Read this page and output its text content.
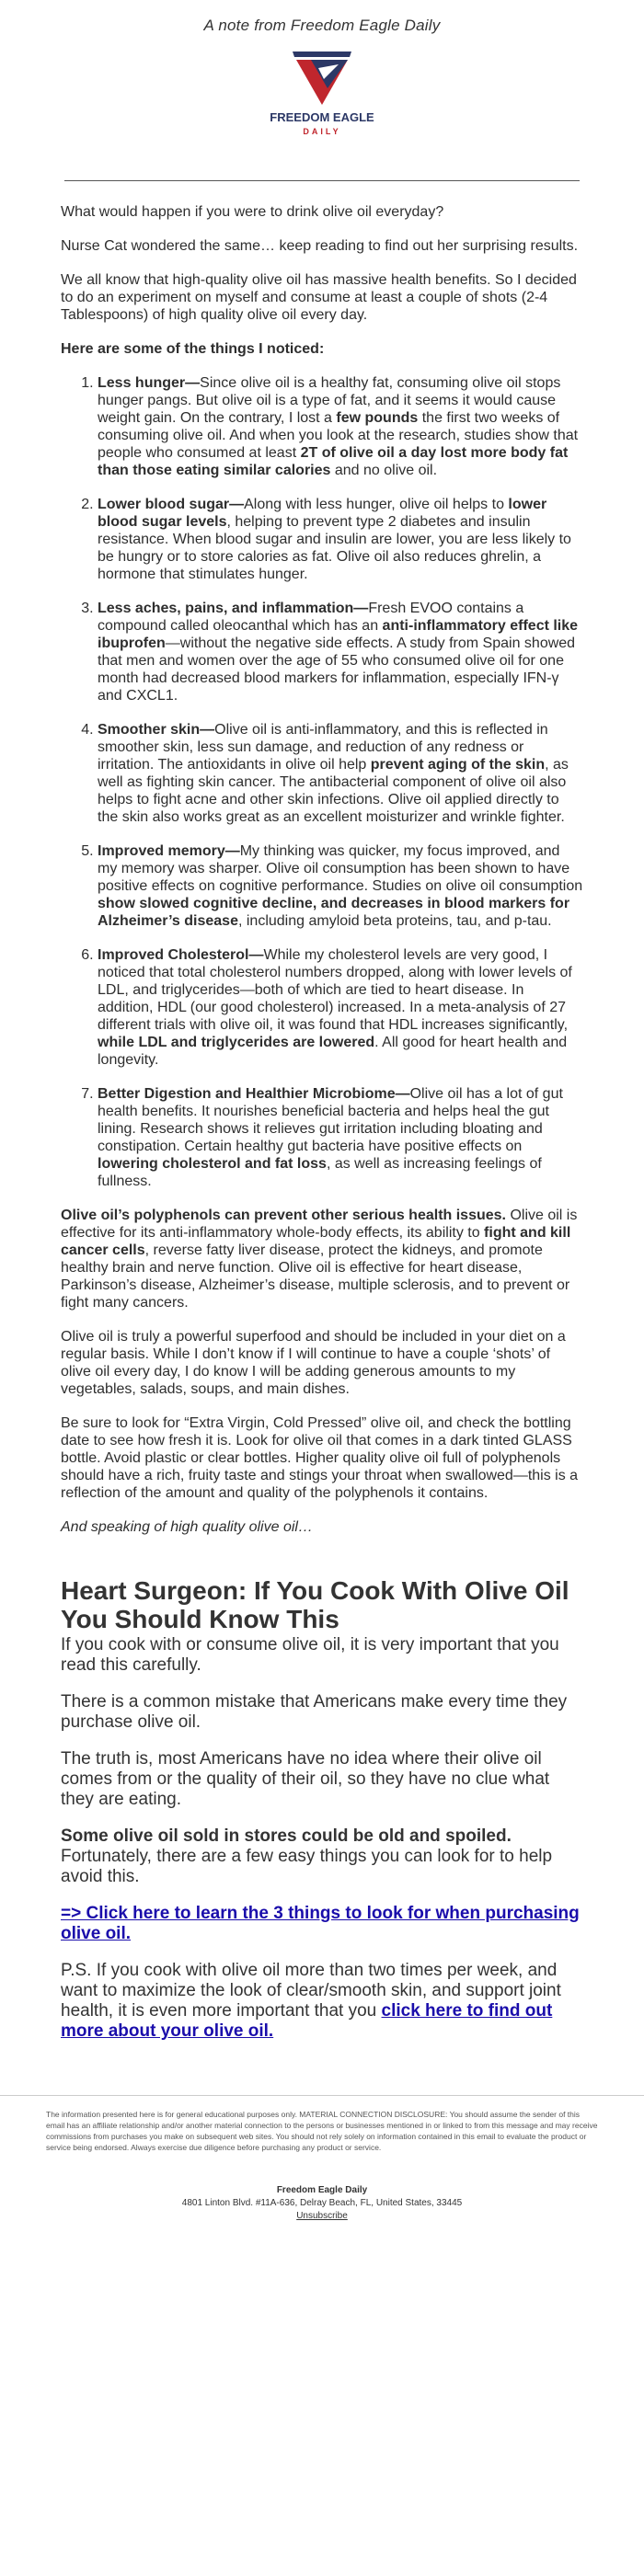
A note from Freedom Eagle Daily
FREEDOM EAGLE
DAILY

What would happen if you were to drink olive oil everyday?

Nurse Cat wondered the same… keep reading to find out her surprising results.

We all know that high-quality olive oil has massive health benefits. So I decided to do an experiment on myself and consume at least a couple of shots (2-4 Tablespoons) of high quality olive oil every day.

Here are some of the things I noticed:

1. Less hunger—Since olive oil is a healthy fat, consuming olive oil stops hunger pangs. But olive oil is a type of fat, and it seems it would cause weight gain. On the contrary, I lost a few pounds the first two weeks of consuming olive oil. And when you look at the research, studies show that people who consumed at least 2T of olive oil a day lost more body fat than those eating similar calories and no olive oil.
2. Lower blood sugar—Along with less hunger, olive oil helps to lower blood sugar levels, helping to prevent type 2 diabetes and insulin resistance. When blood sugar and insulin are lower, you are less likely to be hungry or to store calories as fat. Olive oil also reduces ghrelin, a hormone that stimulates hunger.
3. Less aches, pains, and inflammation—Fresh EVOO contains a compound called oleocanthal which has an anti-inflammatory effect like ibuprofen—without the negative side effects. A study from Spain showed that men and women over the age of 55 who consumed olive oil for one month had decreased blood markers for inflammation, especially IFN-γ and CXCL1.
4. Smoother skin—Olive oil is anti-inflammatory, and this is reflected in smoother skin, less sun damage, and reduction of any redness or irritation. The antioxidants in olive oil help prevent aging of the skin, as well as fighting skin cancer. The antibacterial component of olive oil also helps to fight acne and other skin infections. Olive oil applied directly to the skin also works great as an excellent moisturizer and wrinkle fighter.
5. Improved memory—My thinking was quicker, my focus improved, and my memory was sharper. Olive oil consumption has been shown to have positive effects on cognitive performance. Studies on olive oil consumption show slowed cognitive decline, and decreases in blood markers for Alzheimer’s disease, including amyloid beta proteins, tau, and p-tau.
6. Improved Cholesterol—While my cholesterol levels are very good, I noticed that total cholesterol numbers dropped, along with lower levels of LDL, and triglycerides—both of which are tied to heart disease. In addition, HDL (our good cholesterol) increased. In a meta-analysis of 27 different trials with olive oil, it was found that HDL increases significantly, while LDL and triglycerides are lowered. All good for heart health and longevity.
7. Better Digestion and Healthier Microbiome—Olive oil has a lot of gut health benefits. It nourishes beneficial bacteria and helps heal the gut lining. Research shows it relieves gut irritation including bloating and constipation. Certain healthy gut bacteria have positive effects on lowering cholesterol and fat loss, as well as increasing feelings of fullness.

Olive oil’s polyphenols can prevent other serious health issues. Olive oil is effective for its anti-inflammatory whole-body effects, its ability to fight and kill cancer cells, reverse fatty liver disease, protect the kidneys, and promote healthy brain and nerve function. Olive oil is effective for heart disease, Parkinson’s disease, Alzheimer’s disease, multiple sclerosis, and to prevent or fight many cancers.

Olive oil is truly a powerful superfood and should be included in your diet on a regular basis. While I don’t know if I will continue to have a couple ‘shots’ of olive oil every day, I do know I will be adding generous amounts to my vegetables, salads, soups, and main dishes.

Be sure to look for “Extra Virgin, Cold Pressed” olive oil, and check the bottling date to see how fresh it is. Look for olive oil that comes in a dark tinted GLASS bottle. Avoid plastic or clear bottles. Higher quality olive oil full of polyphenols should have a rich, fruity taste and stings your throat when swallowed—this is a reflection of the amount and quality of the polyphenols it contains.

And speaking of high quality olive oil…

Heart Surgeon: If You Cook With Olive Oil You Should Know This

If you cook with or consume olive oil, it is very important that you read this carefully.

There is a common mistake that Americans make every time they purchase olive oil.

The truth is, most Americans have no idea where their olive oil comes from or the quality of their oil, so they have no clue what they are eating.

Some olive oil sold in stores could be old and spoiled. Fortunately, there are a few easy things you can look for to help avoid this.

=> Click here to learn the 3 things to look for when purchasing olive oil.

P.S. If you cook with olive oil more than two times per week, and want to maximize the look of clear/smooth skin, and support joint health, it is even more important that you click here to find out more about your olive oil.

The information presented here is for general educational purposes only. MATERIAL CONNECTION DISCLOSURE: You should assume the sender of this email has an affiliate relationship and/or another material connection to the persons or businesses mentioned in or linked to from this message and may receive commissions from purchases you make on subsequent web sites. You should not rely solely on information contained in this email to evaluate the product or service being endorsed. Always exercise due diligence before purchasing any product or service.
Freedom Eagle Daily
4801 Linton Blvd. #11A-636, Delray Beach, FL, United States, 33445
Unsubscribe
